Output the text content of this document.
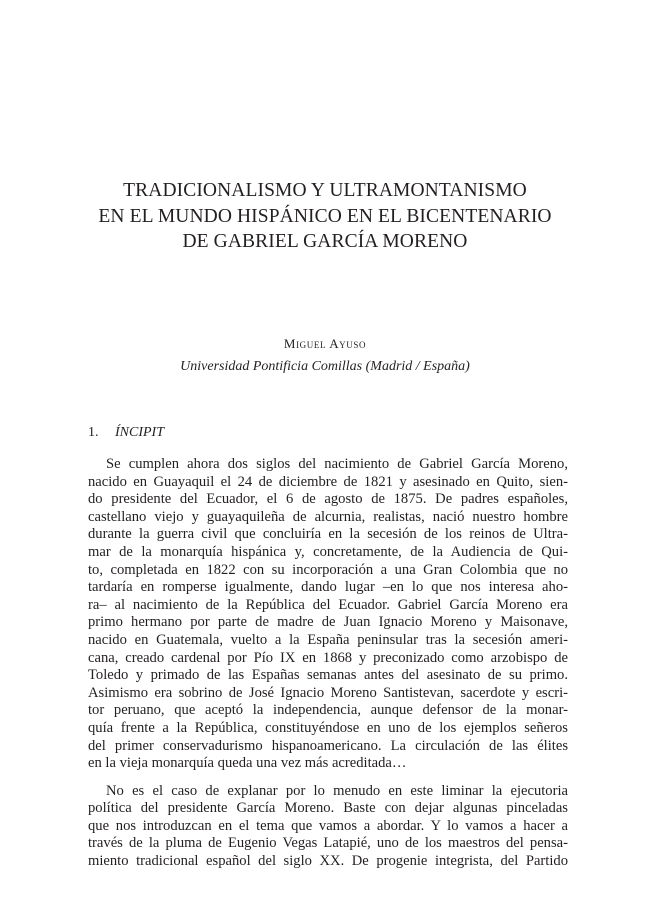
TRADICIONALISMO Y ULTRAMONTANISMO
EN EL MUNDO HISPÁNICO EN EL BICENTENARIO
DE GABRIEL GARCÍA MORENO
Miguel Ayuso
Universidad Pontificia Comillas (Madrid / España)
1. ÍNCIPIT
Se cumplen ahora dos siglos del nacimiento de Gabriel García Moreno,
nacido en Guayaquil el 24 de diciembre de 1821 y asesinado en Quito, sien-
do presidente del Ecuador, el 6 de agosto de 1875. De padres españoles,
castellano viejo y guayaquileña de alcurnia, realistas, nació nuestro hombre
durante la guerra civil que concluiría en la secesión de los reinos de Ultra-
mar de la monarquía hispánica y, concretamente, de la Audiencia de Qui-
to, completada en 1822 con su incorporación a una Gran Colombia que no
tardaría en romperse igualmente, dando lugar –en lo que nos interesa aho-
ra– al nacimiento de la República del Ecuador. Gabriel García Moreno era
primo hermano por parte de madre de Juan Ignacio Moreno y Maisonave,
nacido en Guatemala, vuelto a la España peninsular tras la secesión ameri-
cana, creado cardenal por Pío IX en 1868 y preconizado como arzobispo de
Toledo y primado de las Españas semanas antes del asesinato de su primo.
Asimismo era sobrino de José Ignacio Moreno Santistevan, sacerdote y escri-
tor peruano, que aceptó la independencia, aunque defensor de la monar-
quía frente a la República, constituyéndose en uno de los ejemplos señeros
del primer conservadurismo hispanoamericano. La circulación de las élites
en la vieja monarquía queda una vez más acreditada…
No es el caso de explanar por lo menudo en este liminar la ejecutoria
política del presidente García Moreno. Baste con dejar algunas pinceladas
que nos introduzcan en el tema que vamos a abordar. Y lo vamos a hacer a
través de la pluma de Eugenio Vegas Latapié, uno de los maestros del pensa-
miento tradicional español del siglo XX. De progenie integrista, del Partido
